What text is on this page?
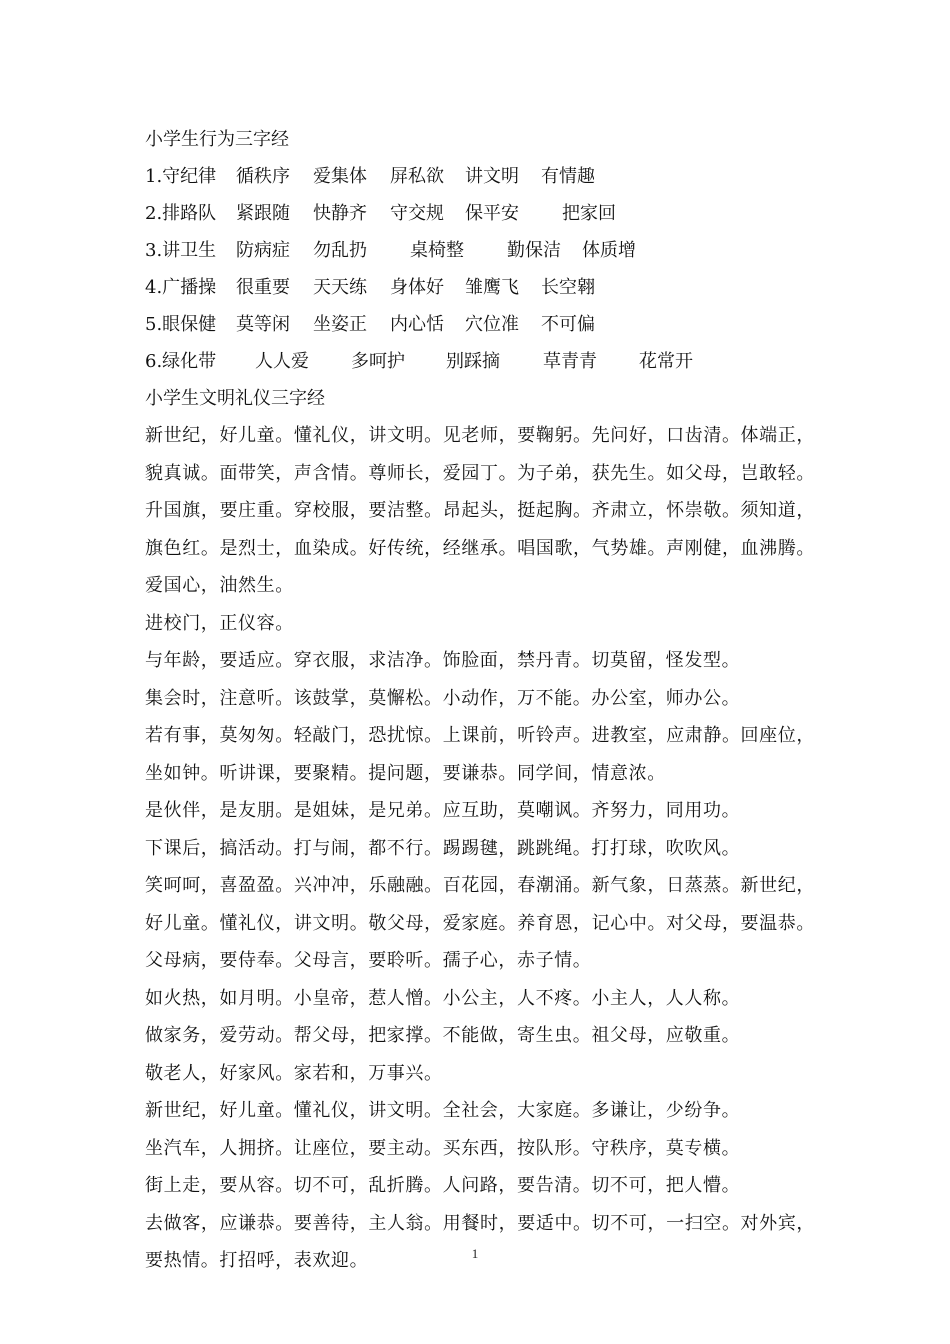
小学生行为三字经
1.守纪律 循秩序 爱集体 屏私欲 讲文明 有情趣
2.排路队 紧跟随 快静齐 守交规 保平安 把家回
3.讲卫生 防病症 勿乱扔 桌椅整 勤保洁 体质增
4.广播操 很重要 天天练 身体好 雏鹰飞 长空翱
5.眼保健 莫等闲 坐姿正 内心恬 穴位准 不可偏
6.绿化带 人人爱 多呵护 别踩摘 草青青 花常开
小学生文明礼仪三字经
新世纪，好儿童。懂礼仪，讲文明。见老师，要鞠躬。先问好，口齿清。体端正，貌真诚。面带笑，声含情。尊师长，爱园丁。为子弟，获先生。如父母，岂敢轻。升国旗，要庄重。穿校服，要洁整。昂起头，挺起胸。齐肃立，怀崇敬。须知道，旗色红。是烈士，血染成。好传统，经继承。唱国歌，气势雄。声刚健，血沸腾。爱国心，油然生。
进校门，正仪容。
与年龄，要适应。穿衣服，求洁净。饰脸面，禁丹青。切莫留，怪发型。
集会时，注意听。该鼓掌，莫懈松。小动作，万不能。办公室，师办公。
若有事，莫匆匆。轻敲门，恐扰惊。上课前，听铃声。进教室，应肃静。回座位，坐如钟。听讲课，要聚精。提问题，要谦恭。同学间，情意浓。
是伙伴，是友朋。是姐妹，是兄弟。应互助，莫嘲讽。齐努力，同用功。
下课后，搞活动。打与闹，都不行。踢踢毽，跳跳绳。打打球，吹吹风。
笑呵呵，喜盈盈。兴冲冲，乐融融。百花园，春潮涌。新气象，日蒸蒸。新世纪，好儿童。懂礼仪，讲文明。敬父母，爱家庭。养育恩，记心中。对父母，要温恭。父母病，要侍奉。父母言，要聆听。孺子心，赤子情。
如火热，如月明。小皇帝，惹人憎。小公主，人不疼。小主人，人人称。
做家务，爱劳动。帮父母，把家撑。不能做，寄生虫。祖父母，应敬重。
敬老人，好家风。家若和，万事兴。
新世纪，好儿童。懂礼仪，讲文明。全社会，大家庭。多谦让，少纷争。
坐汽车，人拥挤。让座位，要主动。买东西，按队形。守秩序，莫专横。
街上走，要从容。切不可，乱折腾。人问路，要告清。切不可，把人懵。
去做客，应谦恭。要善待，主人翁。用餐时，要适中。切不可，一扫空。对外宾，要热情。打招呼，表欢迎。	1
